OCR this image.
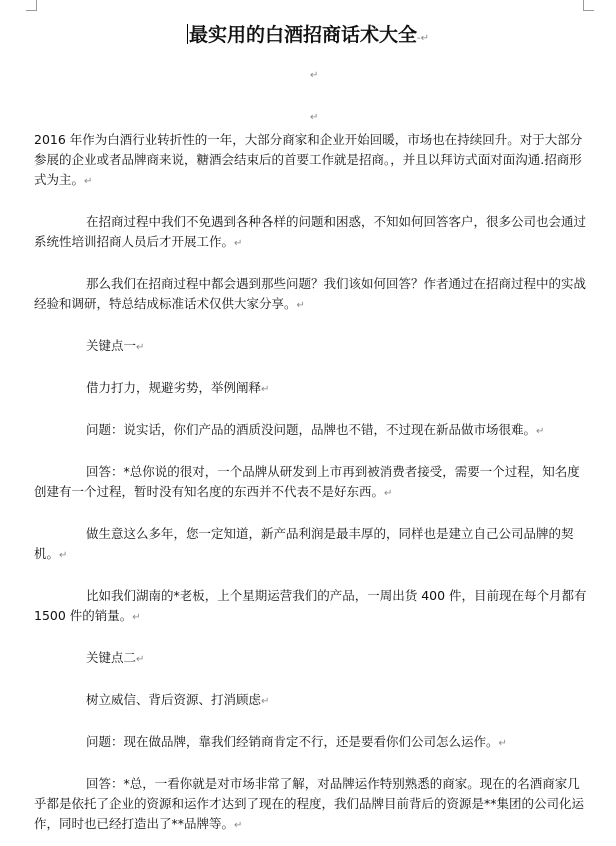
最实用的白酒招商话术大全-↵
↵
↵
2016 年作为白酒行业转折性的一年，大部分商家和企业开始回暖，市场也在持续回升。对于大部分参展的企业或者品牌商来说，糖酒会结束后的首要工作就是招商。，并且以拜访式面对面沟通.招商形式为主。↵
在招商过程中我们不免遇到各种各样的问题和困惑，不知如何回答客户，很多公司也会通过系统性培训招商人员后才开展工作。↵
那么我们在招商过程中都会遇到那些问题？我们该如何回答？作者通过在招商过程中的实战经验和调研，特总结成标准话术仅供大家分享。↵
关键点一↵
借力打力，规避劣势，举例阐释↵
问题：说实话，你们产品的酒质没问题，品牌也不错，不过现在新品做市场很难。↵
回答：*总你说的很对，一个品牌从研发到上市再到被消费者接受，需要一个过程，知名度创建有一个过程，暂时没有知名度的东西并不代表不是好东西。↵
做生意这么多年，您一定知道，新产品利润是最丰厚的，同样也是建立自己公司品牌的契机。↵
比如我们湖南的*老板，上个星期运营我们的产品，一周出货 400 件，目前现在每个月都有 1500 件的销量。↵
关键点二↵
树立威信、背后资源、打消顾虑↵
问题：现在做品牌，靠我们经销商肯定不行，还是要看你们公司怎么运作。↵
回答：*总，一看你就是对市场非常了解，对品牌运作特别熟悉的商家。现在的名酒商家几乎都是依托了企业的资源和运作才达到了现在的程度，我们品牌目前背后的资源是**集团的公司化运作，同时也已经打造出了**品牌等。↵
